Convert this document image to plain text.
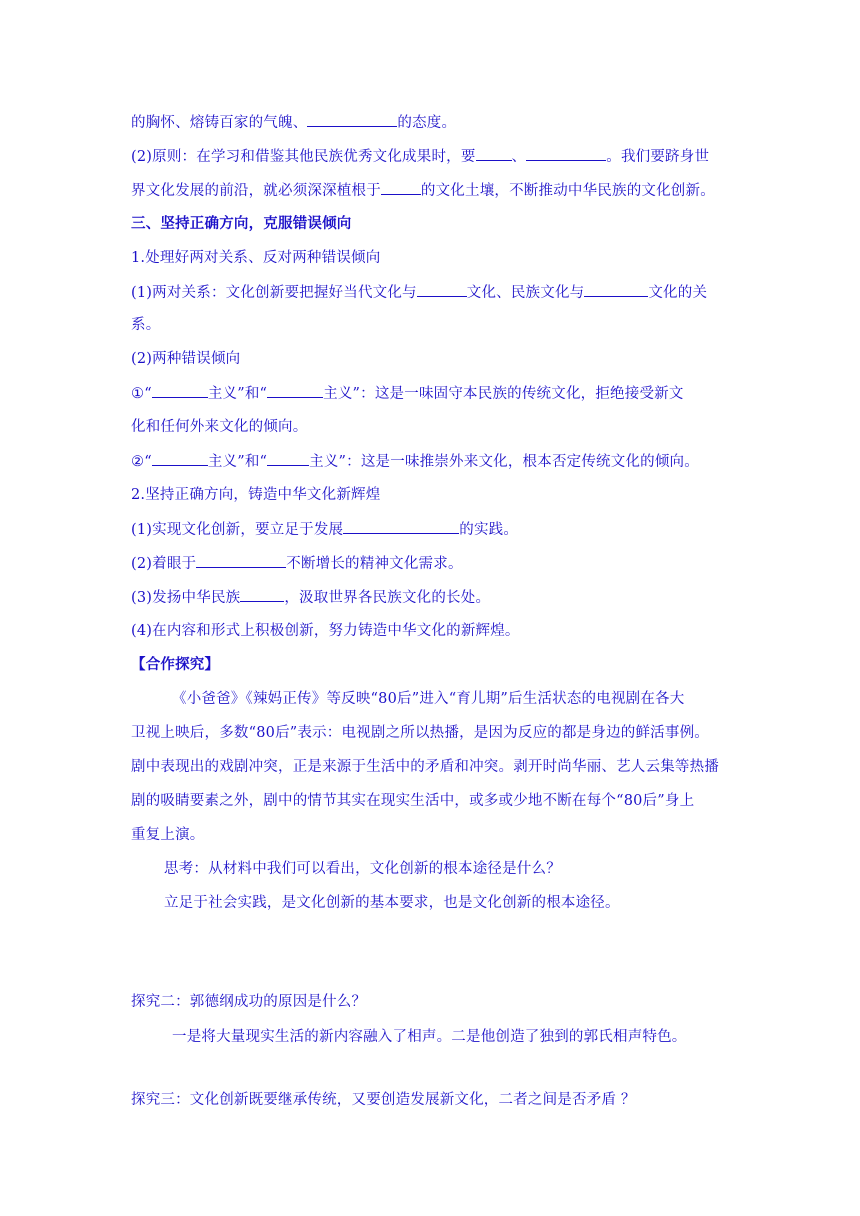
的胸怀、熔铸百家的气魄、	的态度。
(2)原则：在学习和借鉴其他民族优秀文化成果时，要 、	。我们要跻身世
界文化发展的前沿，就必须深深植根于	的文化土壤，不断推动中华民族的文化创新。
三、坚持正确方向，克服错误倾向
1.处理好两对关系、反对两种错误倾向
(1)两对关系：文化创新要把握好当代文化与	文化、民族文化与	文化的关
系。
(2)两种错误倾向
①“	主义”和“	主义”：这是一味固守本民族的传统文化，拒绝接受新文
化和任何外来文化的倾向。
②“	主义”和“	主义”：这是一味推崇外来文化，根本否定传统文化的倾向。
2.坚持正确方向，铸造中华文化新辉煌
(1)实现文化创新，要立足于发展	的实践。
(2)着眼于	不断增长的精神文化需求。
(3)发扬中华民族	，汲取世界各民族文化的长处。
(4)在内容和形式上积极创新，努力铸造中华文化的新辉煌。
【合作探究】
《小爸爸》《辣妈正传》等反映“80后”进入“育儿期”后生活状态的电视剧在各大
卫视上映后，多数“80后”表示：电视剧之所以热播，是因为反应的都是身边的鲜活事例。
剧中表现出的戏剧冲突，正是来源于生活中的矛盾和冲突。剥开时尚华丽、艺人云集等热播
剧的吸睛要素之外，剧中的情节其实在现实生活中，或多或少地不断在每个“80后”身上
重复上演。
思考：从材料中我们可以看出，文化创新的根本途径是什么？
立足于社会实践，是文化创新的基本要求，也是文化创新的根本途径。
探究二：郭德纲成功的原因是什么？
一是将大量现实生活的新内容融入了相声。二是他创造了独到的郭氏相声特色。
探究三：文化创新既要继承传统，又要创造发展新文化，二者之间是否矛盾 ？
